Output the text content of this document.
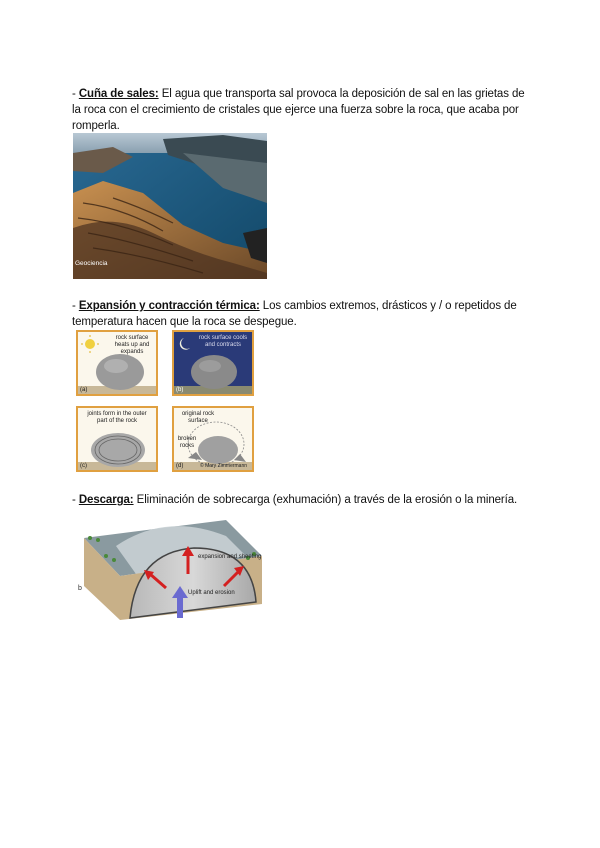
- Cuña de sales: El agua que transporta sal provoca la deposición de sal en las grietas de la roca con el crecimiento de cristales que ejerce una fuerza sobre la roca, que acaba por romperla.
Geociencia
- Expansión y contracción térmica: Los cambios extremos, drásticos y / o repetidos de temperatura hacen que la roca se despegue.
rock surface heats up and expands
(a)
rock surface cools and contracts
(b)
joints form in the outer part of the rock
(c)
original rock surface
broken rocks
(d)	© Mary Zimmermann
- Descarga: Eliminación de sobrecarga (exhumación) a través de la erosión o la minería.
expansion and sheeting
Uplift and erosion
b
